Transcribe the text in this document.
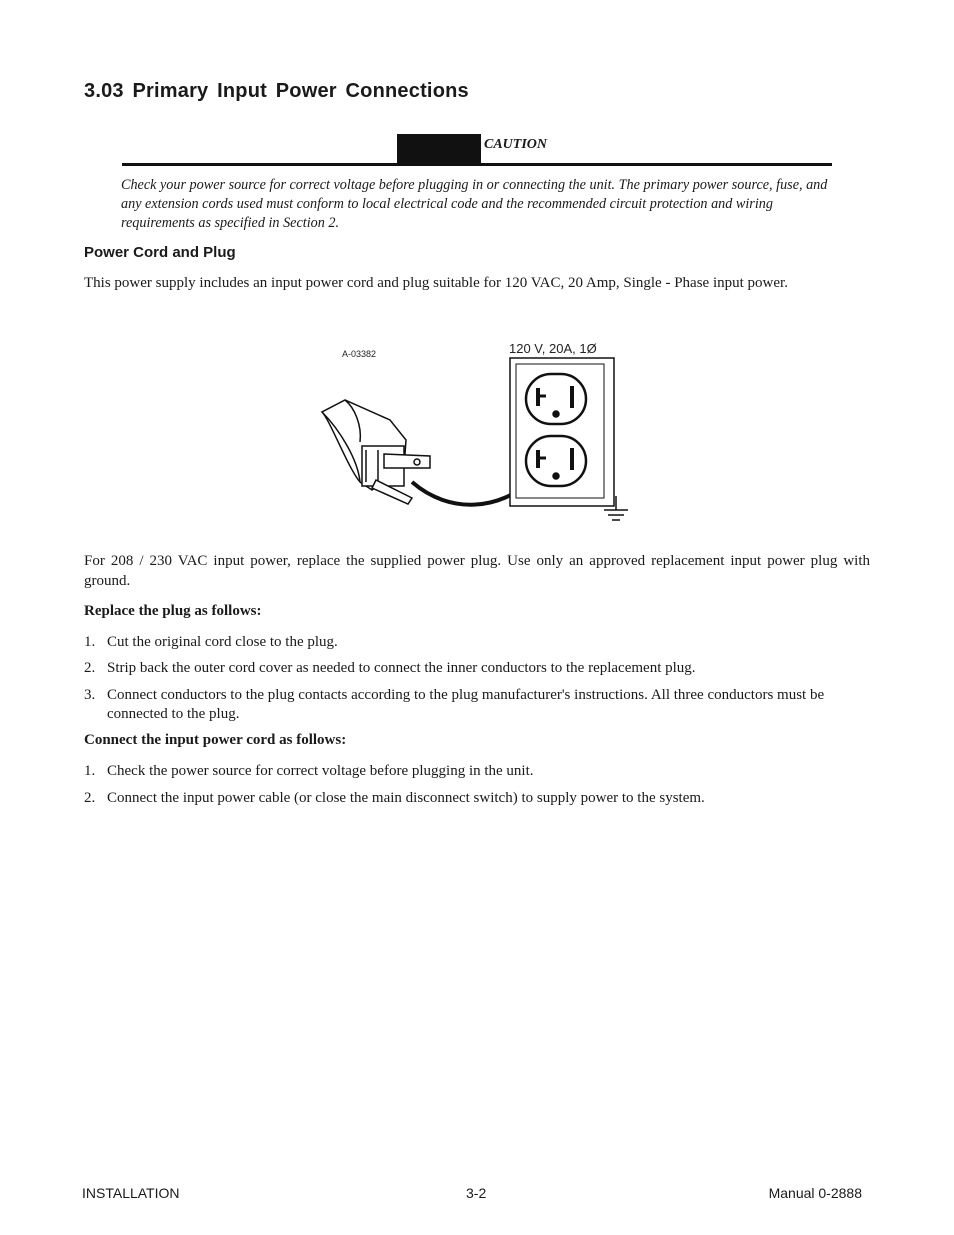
3.03 Primary Input Power Connections
CAUTION
Check your power source for correct voltage before plugging in or connecting the unit. The primary power source, fuse, and any extension cords used must conform to local electrical code and the recommended circuit protection and wiring requirements as specified in Section 2.
Power Cord and Plug
This power supply includes an input power cord and plug suitable for 120 VAC, 20 Amp, Single - Phase input power.
A-03382	120 V, 20A, 1Ø
For 208 / 230 VAC input power, replace the supplied power plug. Use only an approved replacement input power plug with ground.
Replace the plug as follows:
1. Cut the original cord close to the plug.
2. Strip back the outer cord cover as needed to connect the inner conductors to the replacement plug.
3. Connect conductors to the plug contacts according to the plug manufacturer's instructions. All three conductors must be connected to the plug.
Connect the input power cord as follows:
1. Check the power source for correct voltage before plugging in the unit.
2. Connect the input power cable (or close the main disconnect switch) to supply power to the system.
INSTALLATION	3-2	Manual 0-2888
